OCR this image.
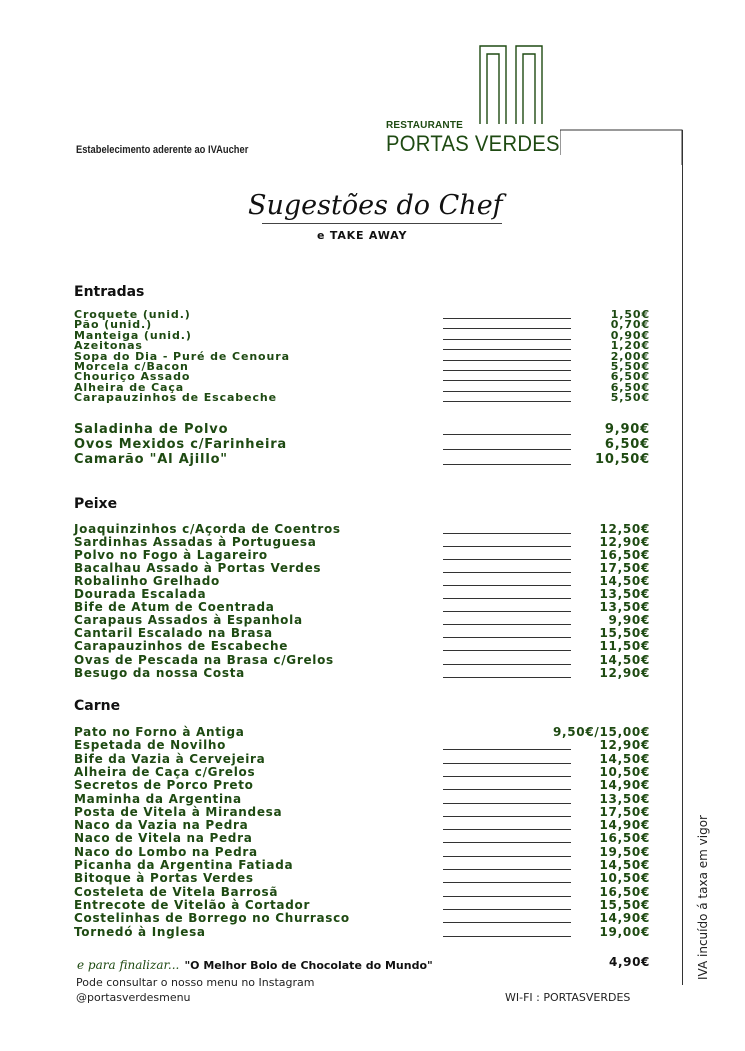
RESTAURANTE
PORTAS VERDES
Estabelecimento aderente ao IVAucher
Sugestões do Chef
e TAKE AWAY
Entradas
Croquete (unid.)	1,50€
Pão (unid.)	0,70€
Manteiga (unid.)	0,90€
Azeitonas	1,20€
Sopa do Dia - Puré de Cenoura	2,00€
Morcela c/Bacon	5,50€
Chouriço Assado	6,50€
Alheira de Caça	6,50€
Carapauzinhos de Escabeche	5,50€
Saladinha de Polvo	9,90€
Ovos Mexidos c/Farinheira	6,50€
Camarão "Al Ajillo"	10,50€
Peixe
Joaquinzinhos c/Açorda de Coentros	12,50€
Sardinhas Assadas à Portuguesa	12,90€
Polvo no Fogo à Lagareiro	16,50€
Bacalhau Assado à Portas Verdes	17,50€
Robalinho Grelhado	14,50€
Dourada Escalada	13,50€
Bife de Atum de Coentrada	13,50€
Carapaus Assados à Espanhola	9,90€
Cantaril Escalado na Brasa	15,50€
Carapauzinhos de Escabeche	11,50€
Ovas de Pescada na Brasa c/Grelos	14,50€
Besugo da nossa Costa	12,90€
Carne
Pato no Forno à Antiga	9,50€/15,00€
Espetada de Novilho	12,90€
Bife da Vazia à Cervejeira	14,50€
Alheira de Caça c/Grelos	10,50€
Secretos de Porco Preto	14,90€
Maminha da Argentina	13,50€
Posta de Vitela à Mirandesa	17,50€
Naco da Vazia na Pedra	14,90€
Naco de Vitela na Pedra	16,50€
Naco do Lombo na Pedra	19,50€
Picanha da Argentina Fatiada	14,50€
Bitoque à Portas Verdes	10,50€
Costeleta de Vitela Barrosã	16,50€
Entrecote de Vitelão à Cortador	15,50€
Costelinhas de Borrego no Churrasco	14,90€
Tornedó à Inglesa	19,00€
e para finalizar... "O Melhor Bolo de Chocolate do Mundo"	4,90€
Pode consultar o nosso menu no Instagram
@portasverdesmenu	WI-FI : PORTASVERDES
IVA incuído á taxa em vigor
